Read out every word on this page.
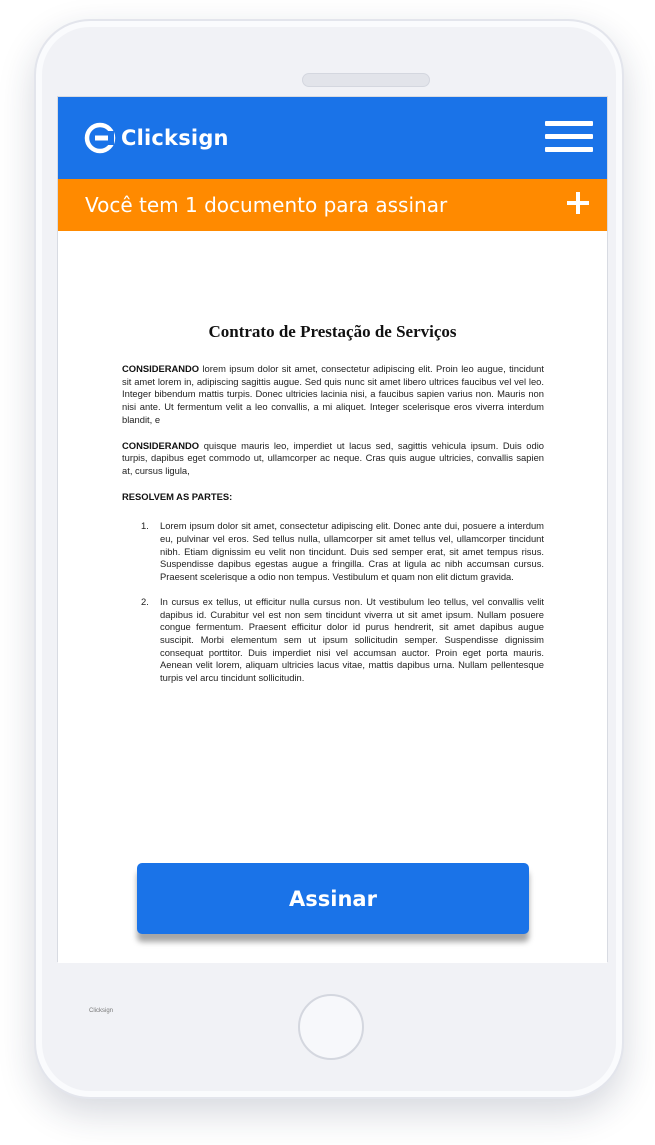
Clicksign
Você tem 1 documento para assinar
Contrato de Prestação de Serviços

CONSIDERANDO lorem ipsum dolor sit amet, consectetur adipiscing elit. Proin leo augue, tincidunt sit amet lorem in, adipiscing sagittis augue. Sed quis nunc sit amet libero ultrices faucibus vel vel leo. Integer bibendum mattis turpis. Donec ultricies lacinia nisi, a faucibus sapien varius non. Mauris non nisi ante. Ut fermentum velit a leo convallis, a mi aliquet. Integer scelerisque eros viverra interdum blandit, e

CONSIDERANDO quisque mauris leo, imperdiet ut lacus sed, sagittis vehicula ipsum. Duis odio turpis, dapibus eget commodo ut, ullamcorper ac neque. Cras quis augue ultricies, convallis sapien at, cursus ligula,

RESOLVEM AS PARTES:
1. Lorem ipsum dolor sit amet, consectetur adipiscing elit. Donec ante dui, posuere a interdum eu, pulvinar vel eros. Sed tellus nulla, ullamcorper sit amet tellus vel, ullamcorper tincidunt nibh. Etiam dignissim eu velit non tincidunt. Duis sed semper erat, sit amet tempus risus. Suspendisse dapibus egestas augue a fringilla. Cras at ligula ac nibh accumsan cursus. Praesent scelerisque a odio non tempus. Vestibulum et quam non elit dictum gravida.
2. In cursus ex tellus, ut efficitur nulla cursus non. Ut vestibulum leo tellus, vel convallis velit dapibus id. Curabitur vel est non sem tincidunt viverra ut sit amet ipsum. Nullam posuere congue fermentum. Praesent efficitur dolor id purus hendrerit, sit amet dapibus augue suscipit. Morbi elementum sem ut ipsum sollicitudin semper. Suspendisse dignissim consequat porttitor. Duis imperdiet nisi vel accumsan auctor. Proin eget porta mauris. Aenean velit lorem, aliquam ultricies lacus vitae, mattis dapibus urna. Nullam pellentesque turpis vel arcu tincidunt sollicitudin.
Clicksign
Assinar
